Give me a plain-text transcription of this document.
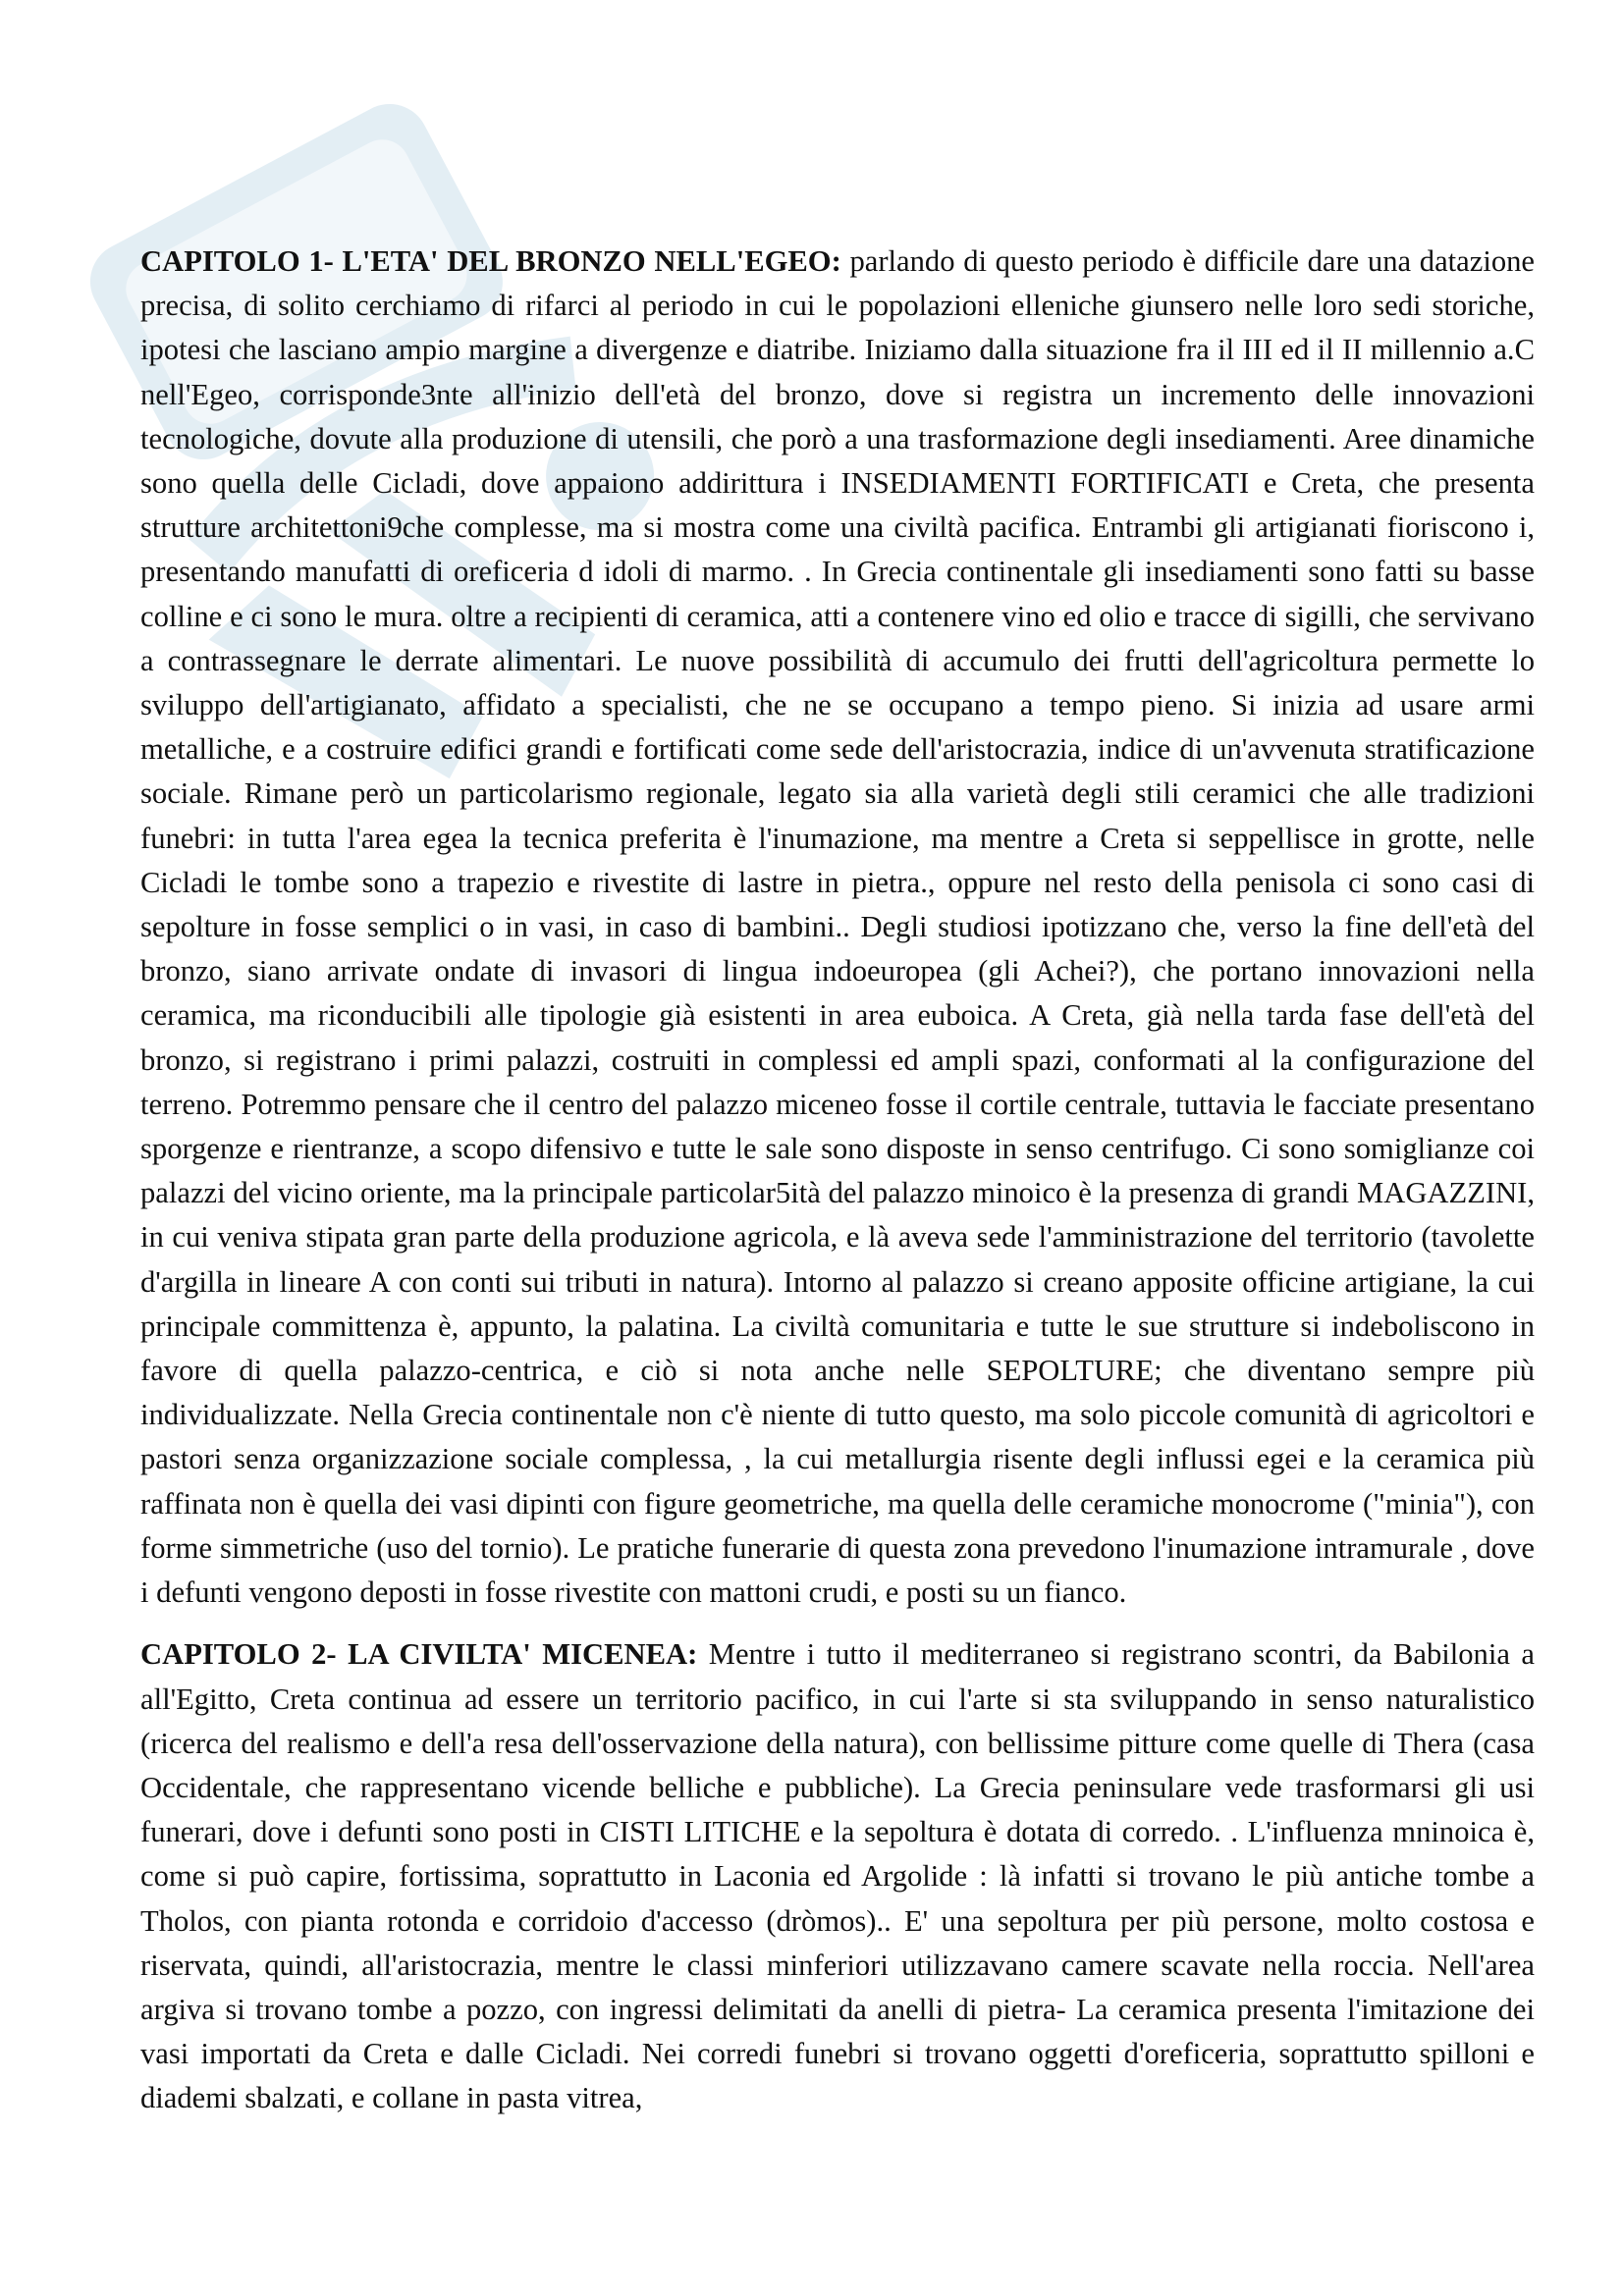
CAPITOLO 1- L'ETA' DEL BRONZO NELL'EGEO: parlando di questo periodo è difficile dare una datazione precisa, di solito cerchiamo di rifarci al periodo in cui le popolazioni elleniche giunsero nelle loro sedi storiche, ipotesi che lasciano ampio margine a divergenze e diatribe. Iniziamo dalla situazione fra il III ed il II millennio a.C nell'Egeo, corrisponde3nte all'inizio dell'età del bronzo, dove si registra un incremento delle innovazioni tecnologiche, dovute alla produzione di utensili, che porò a una trasformazione degli insediamenti. Aree dinamiche sono quella delle Cicladi, dove appaiono addirittura i INSEDIAMENTI FORTIFICATI e Creta, che presenta strutture architettoni9che complesse, ma si mostra come una civiltà pacifica. Entrambi gli artigianati fioriscono i, presentando manufatti di oreficeria d idoli di marmo. . In Grecia continentale gli insediamenti sono fatti su basse colline e ci sono le mura. oltre a recipienti di ceramica, atti a contenere vino ed olio e tracce di sigilli, che servivano a contrassegnare le derrate alimentari. Le nuove possibilità di accumulo dei frutti dell'agricoltura permette lo sviluppo dell'artigianato, affidato a specialisti, che ne se occupano a tempo pieno. Si inizia ad usare armi metalliche, e a costruire edifici grandi e fortificati come sede dell'aristocrazia, indice di un'avvenuta stratificazione sociale. Rimane però un particolarismo regionale, legato sia alla varietà degli stili ceramici che alle tradizioni funebri: in tutta l'area egea la tecnica preferita è l'inumazione, ma mentre a Creta si seppellisce in grotte, nelle Cicladi le tombe sono a trapezio e rivestite di lastre in pietra., oppure nel resto della penisola ci sono casi di sepolture in fosse semplici o in vasi, in caso di bambini.. Degli studiosi ipotizzano che, verso la fine dell'età del bronzo, siano arrivate ondate di invasori di lingua indoeuropea (gli Achei?), che portano innovazioni nella ceramica, ma riconducibili alle tipologie già esistenti in area euboica. A Creta, già nella tarda fase dell'età del bronzo, si registrano i primi palazzi, costruiti in complessi ed ampli spazi, conformati al la configurazione del terreno. Potremmo pensare che il centro del palazzo miceneo fosse il cortile centrale, tuttavia le facciate presentano sporgenze e rientranze, a scopo difensivo e tutte le sale sono disposte in senso centrifugo. Ci sono somiglianze coi palazzi del vicino oriente, ma la principale particolar5ità del palazzo minoico è la presenza di grandi MAGAZZINI, in cui veniva stipata gran parte della produzione agricola, e là aveva sede l'amministrazione del territorio (tavolette d'argilla in lineare A con conti sui tributi in natura). Intorno al palazzo si creano apposite officine artigiane, la cui principale committenza è, appunto, la palatina. La civiltà comunitaria e tutte le sue strutture si indeboliscono in favore di quella palazzo-centrica, e ciò si nota anche nelle SEPOLTURE; che diventano sempre più individualizzate. Nella Grecia continentale non c'è niente di tutto questo, ma solo piccole comunità di agricoltori e pastori senza organizzazione sociale complessa, , la cui metallurgia risente degli influssi egei e la ceramica più raffinata non è quella dei vasi dipinti con figure geometriche, ma quella delle ceramiche monocrome ("minia"), con forme simmetriche (uso del tornio). Le pratiche funerarie di questa zona prevedono l'inumazione intramurale , dove i defunti vengono deposti in fosse rivestite con mattoni crudi, e posti su un fianco.

CAPITOLO 2- LA CIVILTA' MICENEA: Mentre i tutto il mediterraneo si registrano scontri, da Babilonia a all'Egitto, Creta continua ad essere un territorio pacifico, in cui l'arte si sta sviluppando in senso naturalistico (ricerca del realismo e dell'a resa dell'osservazione della natura), con bellissime pitture come quelle di Thera (casa Occidentale, che rappresentano vicende belliche e pubbliche). La Grecia peninsulare vede trasformarsi gli usi funerari, dove i defunti sono posti in CISTI LITICHE e la sepoltura è dotata di corredo. . L'influenza mninoica è, come si può capire, fortissima, soprattutto in Laconia ed Argolide : là infatti si trovano le più antiche tombe a Tholos, con pianta rotonda e corridoio d'accesso (dròmos).. E' una sepoltura per più persone, molto costosa e riservata, quindi, all'aristocrazia, mentre le classi minferiori utilizzavano camere scavate nella roccia. Nell'area argiva si trovano tombe a pozzo, con ingressi delimitati da anelli di pietra- La ceramica presenta l'imitazione dei vasi importati da Creta e dalle Cicladi. Nei corredi funebri si trovano oggetti d'oreficeria, soprattutto spilloni e diademi sbalzati, e collane in pasta vitrea,
